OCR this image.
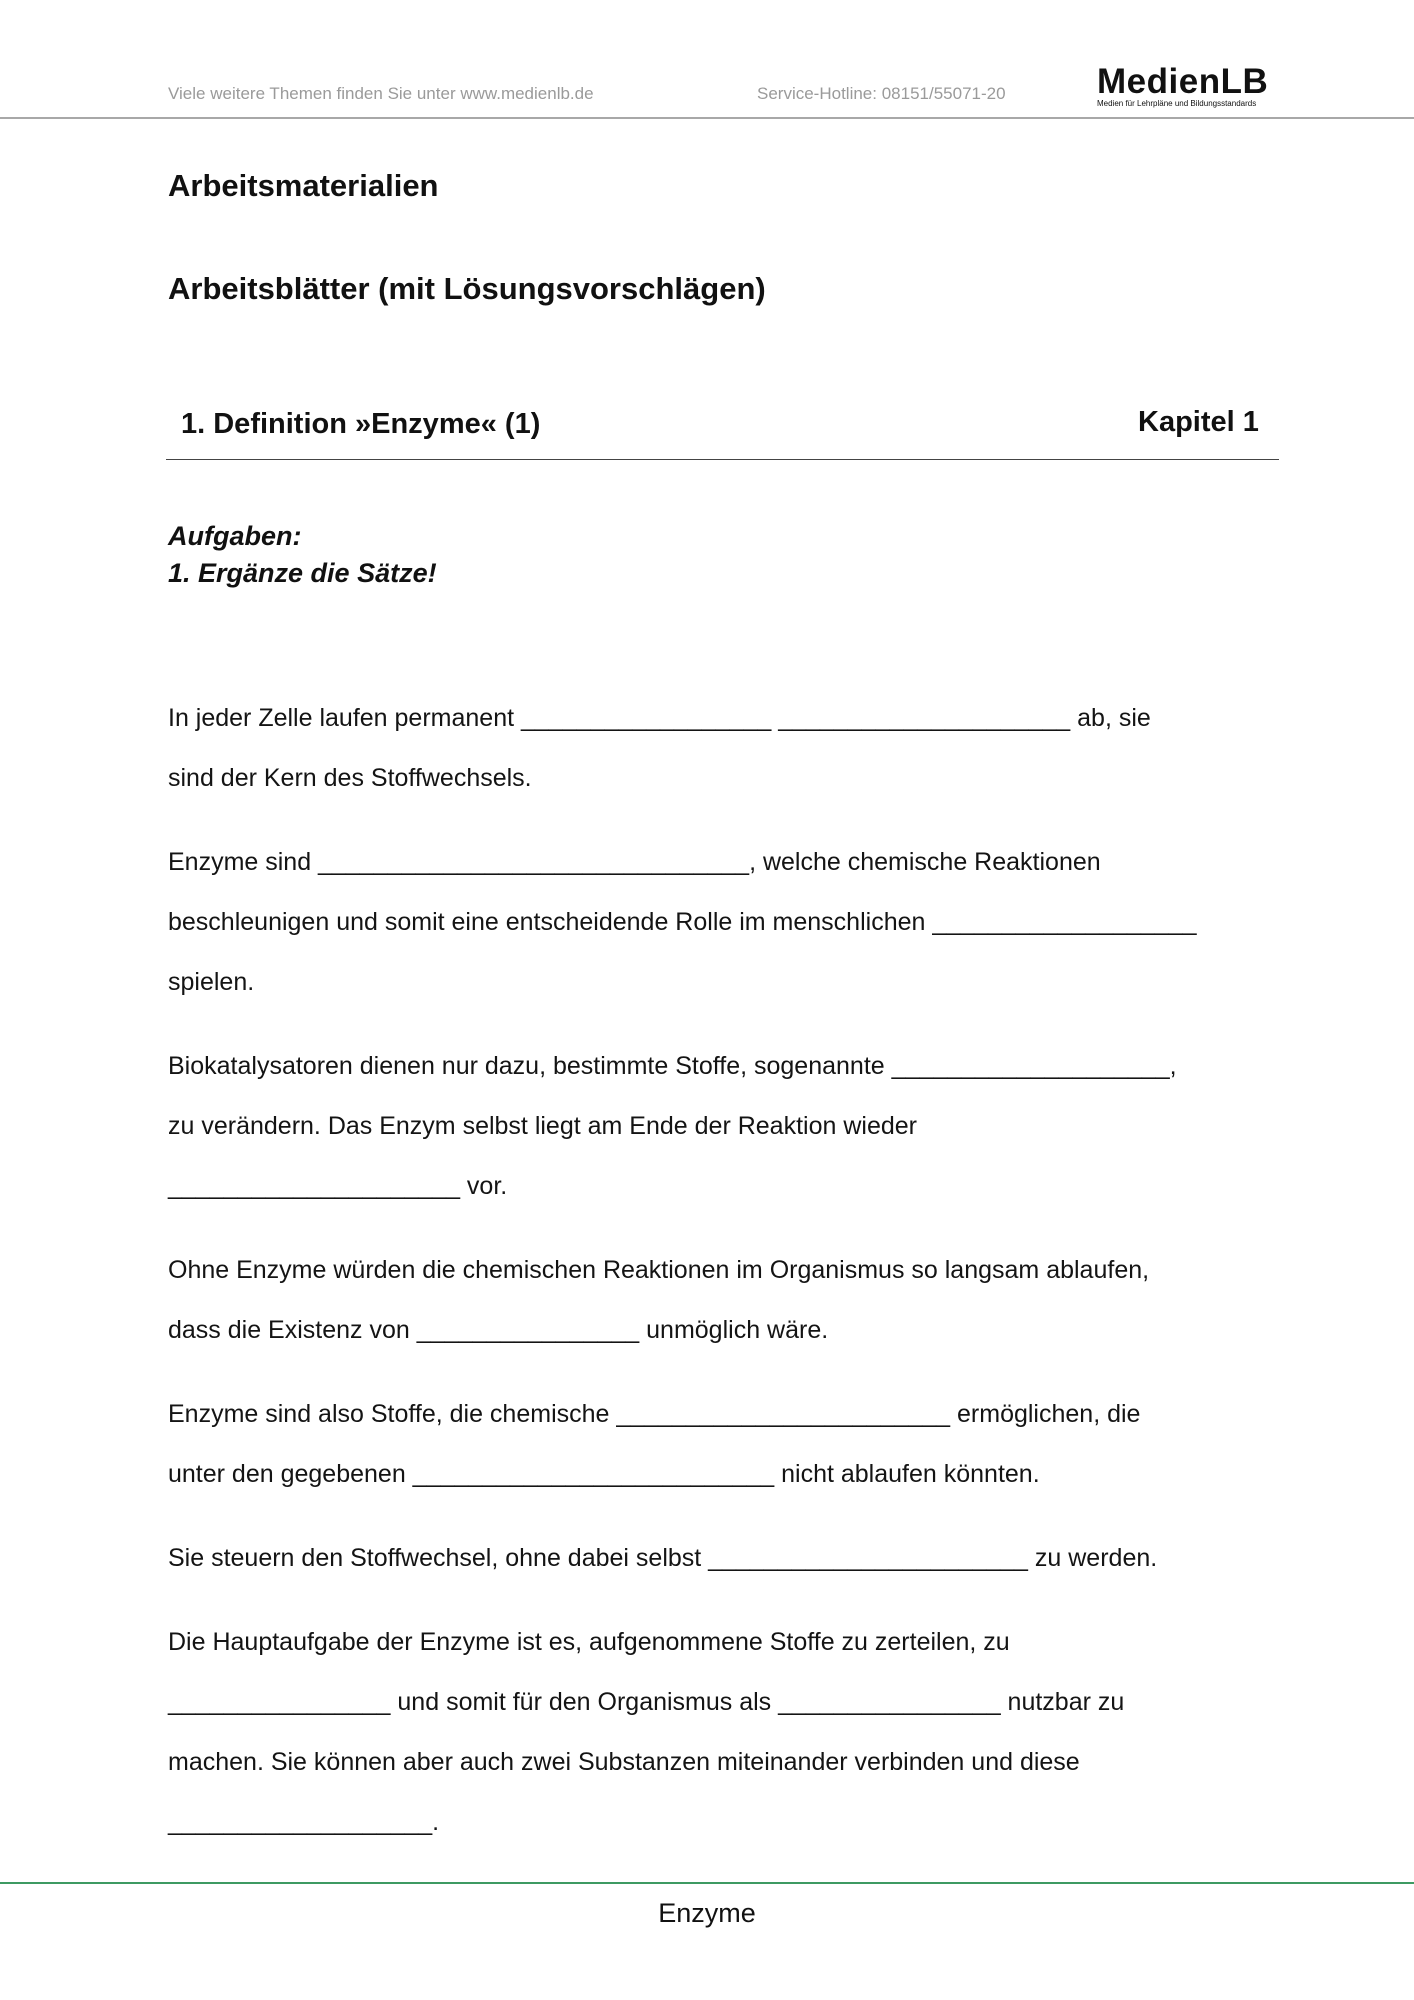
Viele weitere Themen finden Sie unter www.medienlb.de	Service-Hotline: 08151/55071-20	MedienLB
Medien für Lehrpläne und Bildungsstandards
Arbeitsmaterialien
Arbeitsblätter (mit Lösungsvorschlägen)
1. Definition »Enzyme« (1)	Kapitel 1
Aufgaben:
1. Ergänze die Sätze!
In jeder Zelle laufen permanent __________________ _____________________ ab, sie
sind der Kern des Stoffwechsels.
Enzyme sind _______________________________, welche chemische Reaktionen
beschleunigen und somit eine entscheidende Rolle im menschlichen ___________________
spielen.
Biokatalysatoren dienen nur dazu, bestimmte Stoffe, sogenannte ____________________,
zu verändern. Das Enzym selbst liegt am Ende der Reaktion wieder
_____________________ vor.
Ohne Enzyme würden die chemischen Reaktionen im Organismus so langsam ablaufen,
dass die Existenz von ________________ unmöglich wäre.
Enzyme sind also Stoffe, die chemische ________________________ ermöglichen, die
unter den gegebenen __________________________ nicht ablaufen könnten.
Sie steuern den Stoffwechsel, ohne dabei selbst _______________________ zu werden.
Die Hauptaufgabe der Enzyme ist es, aufgenommene Stoffe zu zerteilen, zu
________________ und somit für den Organismus als ________________ nutzbar zu
machen. Sie können aber auch zwei Substanzen miteinander verbinden und diese
___________________.
Enzyme
